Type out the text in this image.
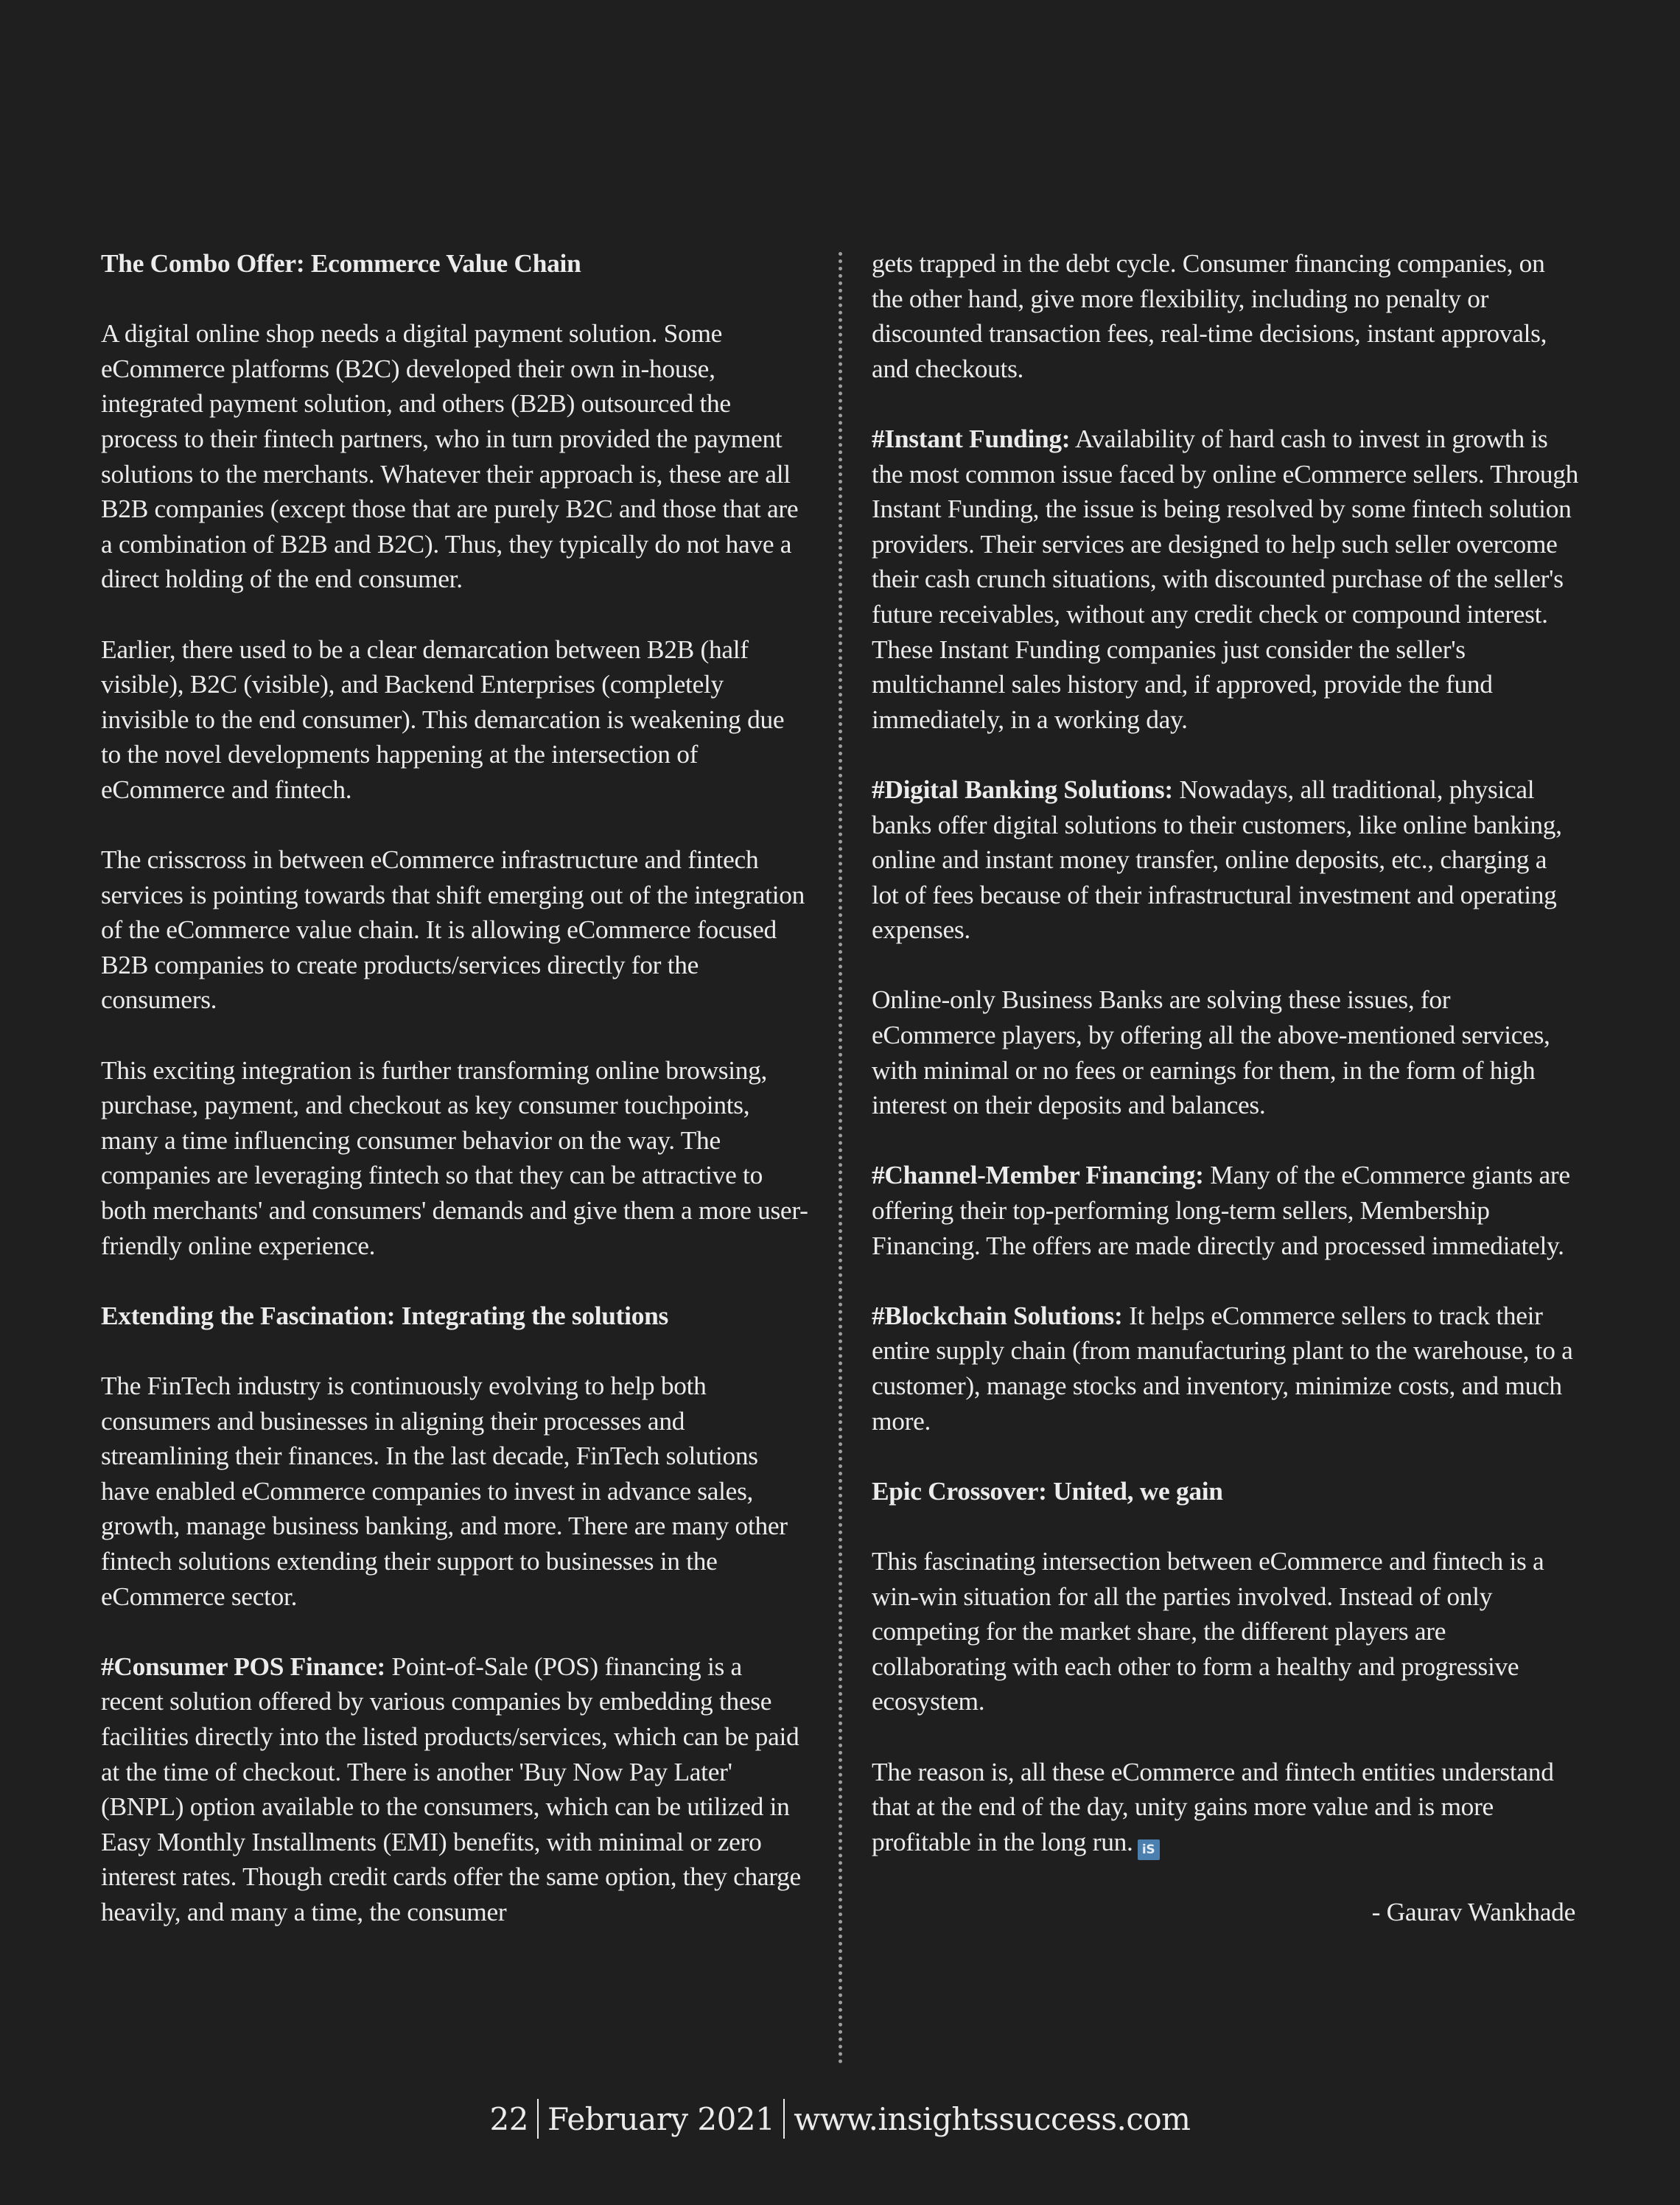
The Combo Offer: Ecommerce Value Chain

A digital online shop needs a digital payment solution. Some eCommerce platforms (B2C) developed their own in-house, integrated payment solution, and others (B2B) outsourced the process to their fintech partners, who in turn provided the payment solutions to the merchants. Whatever their approach is, these are all B2B companies (except those that are purely B2C and those that are a combination of B2B and B2C). Thus, they typically do not have a direct holding of the end consumer.

Earlier, there used to be a clear demarcation between B2B (half visible), B2C (visible), and Backend Enterprises (completely invisible to the end consumer). This demarcation is weakening due to the novel developments happening at the intersection of eCommerce and fintech.

The crisscross in between eCommerce infrastructure and fintech services is pointing towards that shift emerging out of the integration of the eCommerce value chain. It is allowing eCommerce focused B2B companies to create products/services directly for the consumers.

This exciting integration is further transforming online browsing, purchase, payment, and checkout as key consumer touchpoints, many a time influencing consumer behavior on the way. The companies are leveraging fintech so that they can be attractive to both merchants' and consumers' demands and give them a more user-friendly online experience.

Extending the Fascination: Integrating the solutions

The FinTech industry is continuously evolving to help both consumers and businesses in aligning their processes and streamlining their finances. In the last decade, FinTech solutions have enabled eCommerce companies to invest in advance sales, growth, manage business banking, and more. There are many other fintech solutions extending their support to businesses in the eCommerce sector.

#Consumer POS Finance: Point-of-Sale (POS) financing is a recent solution offered by various companies by embedding these facilities directly into the listed products/services, which can be paid at the time of checkout. There is another 'Buy Now Pay Later' (BNPL) option available to the consumers, which can be utilized in Easy Monthly Installments (EMI) benefits, with minimal or zero interest rates. Though credit cards offer the same option, they charge heavily, and many a time, the consumer

gets trapped in the debt cycle. Consumer financing companies, on the other hand, give more flexibility, including no penalty or discounted transaction fees, real-time decisions, instant approvals, and checkouts.

#Instant Funding: Availability of hard cash to invest in growth is the most common issue faced by online eCommerce sellers. Through Instant Funding, the issue is being resolved by some fintech solution providers. Their services are designed to help such seller overcome their cash crunch situations, with discounted purchase of the seller's future receivables, without any credit check or compound interest. These Instant Funding companies just consider the seller's multichannel sales history and, if approved, provide the fund immediately, in a working day.

#Digital Banking Solutions: Nowadays, all traditional, physical banks offer digital solutions to their customers, like online banking, online and instant money transfer, online deposits, etc., charging a lot of fees because of their infrastructural investment and operating expenses.

Online-only Business Banks are solving these issues, for eCommerce players, by offering all the above-mentioned services, with minimal or no fees or earnings for them, in the form of high interest on their deposits and balances.

#Channel-Member Financing: Many of the eCommerce giants are offering their top-performing long-term sellers, Membership Financing. The offers are made directly and processed immediately.

#Blockchain Solutions: It helps eCommerce sellers to track their entire supply chain (from manufacturing plant to the warehouse, to a customer), manage stocks and inventory, minimize costs, and much more.

Epic Crossover: United, we gain

This fascinating intersection between eCommerce and fintech is a win-win situation for all the parties involved. Instead of only competing for the market share, the different players are collaborating with each other to form a healthy and progressive ecosystem.

The reason is, all these eCommerce and fintech entities understand that at the end of the day, unity gains more value and is more profitable in the long run. iS

- Gaurav Wankhade

22 February 2021 www.insightssuccess.com
